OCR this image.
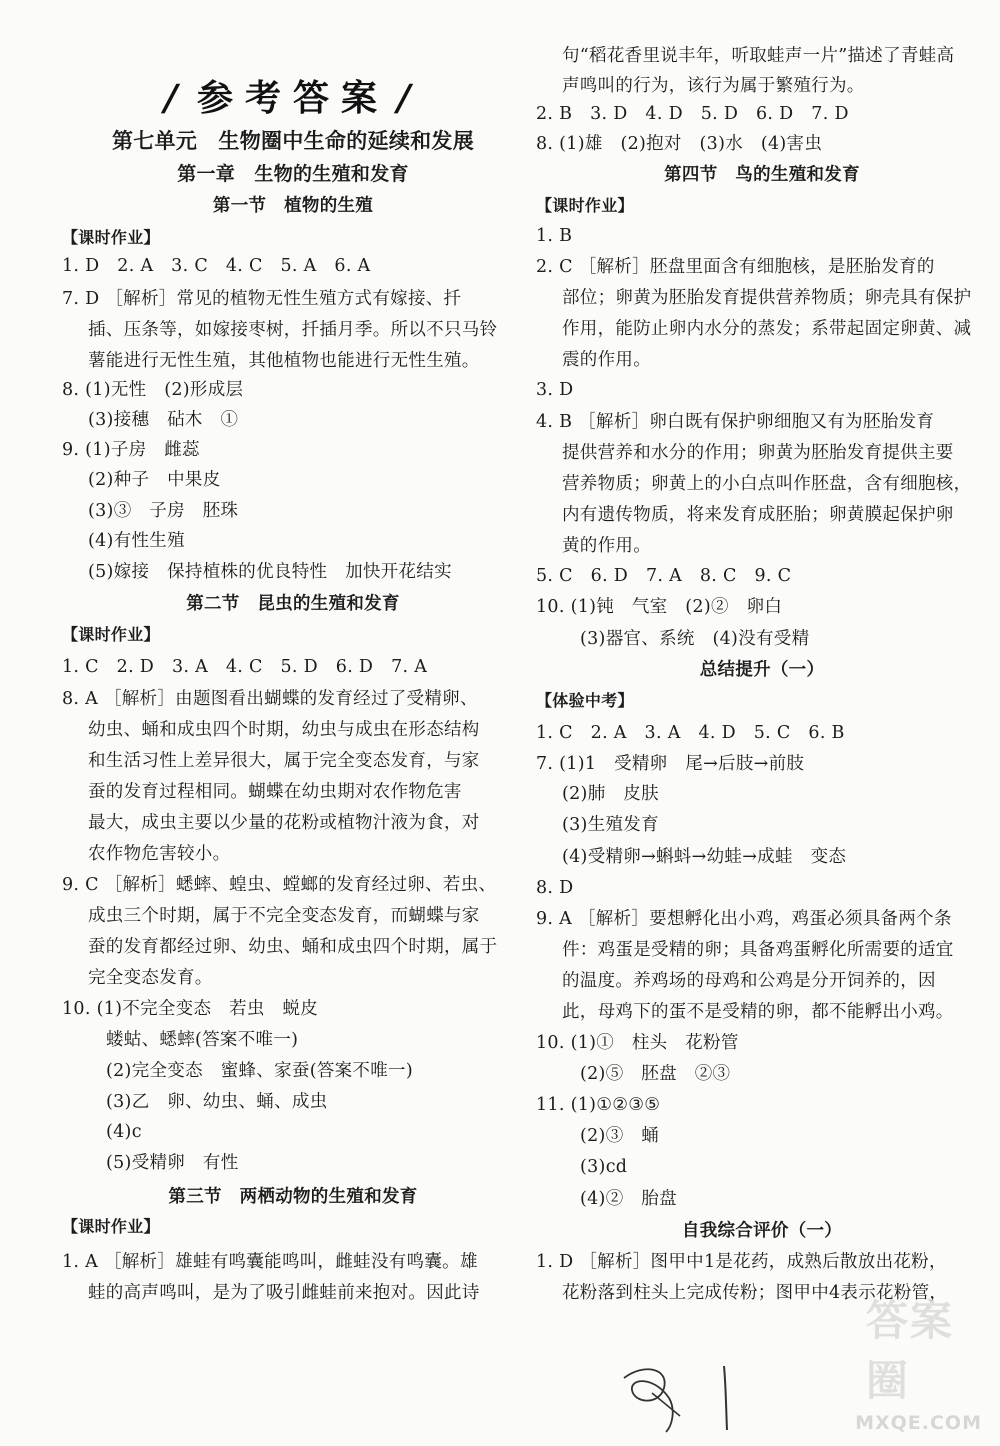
/ 参考答案 /
第七单元　生物圈中生命的延续和发展
第一章　生物的生殖和发育
第一节　植物的生殖
【课时作业】
1. D　2. A　3. C　4. C　5. A　6. A
7. D ［解析］常见的植物无性生殖方式有嫁接、扦
插、压条等，如嫁接枣树，扦插月季。所以不只马铃
薯能进行无性生殖，其他植物也能进行无性生殖。
8. (1)无性　(2)形成层
(3)接穗　砧木　①
9. (1)子房　雌蕊
(2)种子　中果皮
(3)③　子房　胚珠
(4)有性生殖
(5)嫁接　保持植株的优良特性　加快开花结实
第二节　昆虫的生殖和发育
【课时作业】
1. C　2. D　3. A　4. C　5. D　6. D　7. A
8. A ［解析］由题图看出蝴蝶的发育经过了受精卵、
幼虫、蛹和成虫四个时期，幼虫与成虫在形态结构
和生活习性上差异很大，属于完全变态发育，与家
蚕的发育过程相同。蝴蝶在幼虫期对农作物危害
最大，成虫主要以少量的花粉或植物汁液为食，对
农作物危害较小。
9. C ［解析］蟋蟀、蝗虫、螳螂的发育经过卵、若虫、
成虫三个时期，属于不完全变态发育，而蝴蝶与家
蚕的发育都经过卵、幼虫、蛹和成虫四个时期，属于
完全变态发育。
10. (1)不完全变态　若虫　蜕皮
蝼蛄、蟋蟀(答案不唯一)
(2)完全变态　蜜蜂、家蚕(答案不唯一)
(3)乙　卵、幼虫、蛹、成虫
(4)c
(5)受精卵　有性
第三节　两栖动物的生殖和发育
【课时作业】
1. A ［解析］雄蛙有鸣囊能鸣叫，雌蛙没有鸣囊。雄
蛙的高声鸣叫，是为了吸引雌蛙前来抱对。因此诗
句“稻花香里说丰年，听取蛙声一片”描述了青蛙高
声鸣叫的行为，该行为属于繁殖行为。
2. B　3. D　4. D　5. D　6. D　7. D
8. (1)雄　(2)抱对　(3)水　(4)害虫
第四节　鸟的生殖和发育
【课时作业】
1. B
2. C ［解析］胚盘里面含有细胞核，是胚胎发育的
部位；卵黄为胚胎发育提供营养物质；卵壳具有保护
作用，能防止卵内水分的蒸发；系带起固定卵黄、减
震的作用。
3. D
4. B ［解析］卵白既有保护卵细胞又有为胚胎发育
提供营养和水分的作用；卵黄为胚胎发育提供主要
营养物质；卵黄上的小白点叫作胚盘，含有细胞核，
内有遗传物质，将来发育成胚胎；卵黄膜起保护卵
黄的作用。
5. C　6. D　7. A　8. C　9. C
10. (1)钝　气室　(2)②　卵白
(3)器官、系统　(4)没有受精
总结提升（一）
【体验中考】
1. C　2. A　3. A　4. D　5. C　6. B
7. (1)1　受精卵　尾→后肢→前肢
(2)肺　皮肤
(3)生殖发育
(4)受精卵→蝌蚪→幼蛙→成蛙　变态
8. D
9. A ［解析］要想孵化出小鸡，鸡蛋必须具备两个条
件：鸡蛋是受精的卵；具备鸡蛋孵化所需要的适宜
的温度。养鸡场的母鸡和公鸡是分开饲养的，因
此，母鸡下的蛋不是受精的卵，都不能孵出小鸡。
10. (1)①　柱头　花粉管
(2)⑤　胚盘　②③
11. (1)①②③⑤
(2)③　蛹
(3)cd
(4)②　胎盘
自我综合评价（一）
1. D ［解析］图甲中1是花药，成熟后散放出花粉，
花粉落到柱头上完成传粉；图甲中4表示花粉管，
答案圈
MXQE.COM
